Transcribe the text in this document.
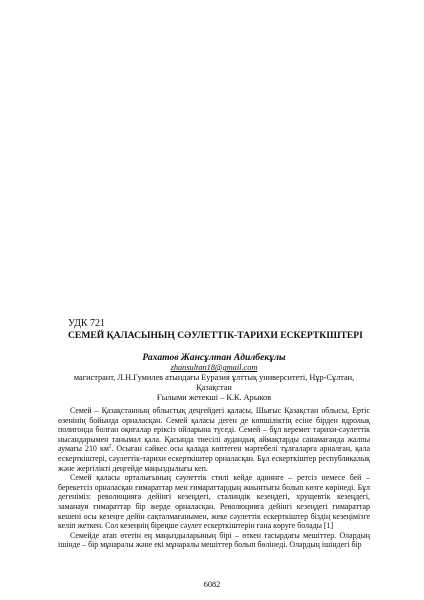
УДК 721
СЕМЕЙ ҚАЛАСЫНЫҢ СӘУЛЕТТІК-ТАРИХИ ЕСКЕРТКІШТЕРІ
Рахатов Жансұлтан Адилбекұлы
zhansultan18@gmail.com
магистрант, Л.Н.Гумилев атындағы Еуразия ұлттық университеті, Нұр-Сұлтан,
Қазақстан
Ғылыми жетекші – К.К. Арыков

Семей – Қазақстанның облыстық деңгейдегі қаласы, Шығыс Қазақстан облысы, Ертіс өзенінің бойында орналасқан. Семей қаласы деген де көпшіліктің есіне бірден ядролық полигонда болған оқиғалар еріксіз ойларына түседі. Семей – бұл керемет тарихи-сәулеттік нысандарымен танымал қала. Қасында тиесілі аудандық аймақтарды санамағанда жалпы аумағы 210 $км^2$. Осыған сәйкес осы қалада көптеген мәртебелі тұлғаларға арналған, қала ескерткіштері, сәулеттік-тарихи ескерткіштер орналасқан. Бұл ескерткіштер республикалық және жергілікті деңгейде маңыздылығы кеп.

Семей қаласы орталығының сәулеттік стилі кейде аднинге – ретсіз немесе бей – берекетсіз орналасқан ғимараттар мен ғимараттардың жиынтығы болып көзге көрінеді. Бұл дегеніміз: революцияға дейінгі кезеңдегі, сталиндік кезеңдегі, хрущевтік кезеңдегі, заманауи ғимараттар бір жерде орналасқан. Революцияға дейінгі кезеңдегі ғимараттар кешені осы кезеңге дейін сақталмағанымен, жеке сәулеттік ескерткіштер біздің кезеңімізге келіп жеткен. Сол кезеңнің біреңше сәулет ескерткіштерін ғана көруге болады [1]

Семейде атап өтетін ең маңыздыларының бірі – өткен ғасырдағы мешіттер. Олардың ішінде – бір мұнаралы және екі мұнаралы мешіттер болып бөлінеді. Олардың ішіндегі бір

6082
